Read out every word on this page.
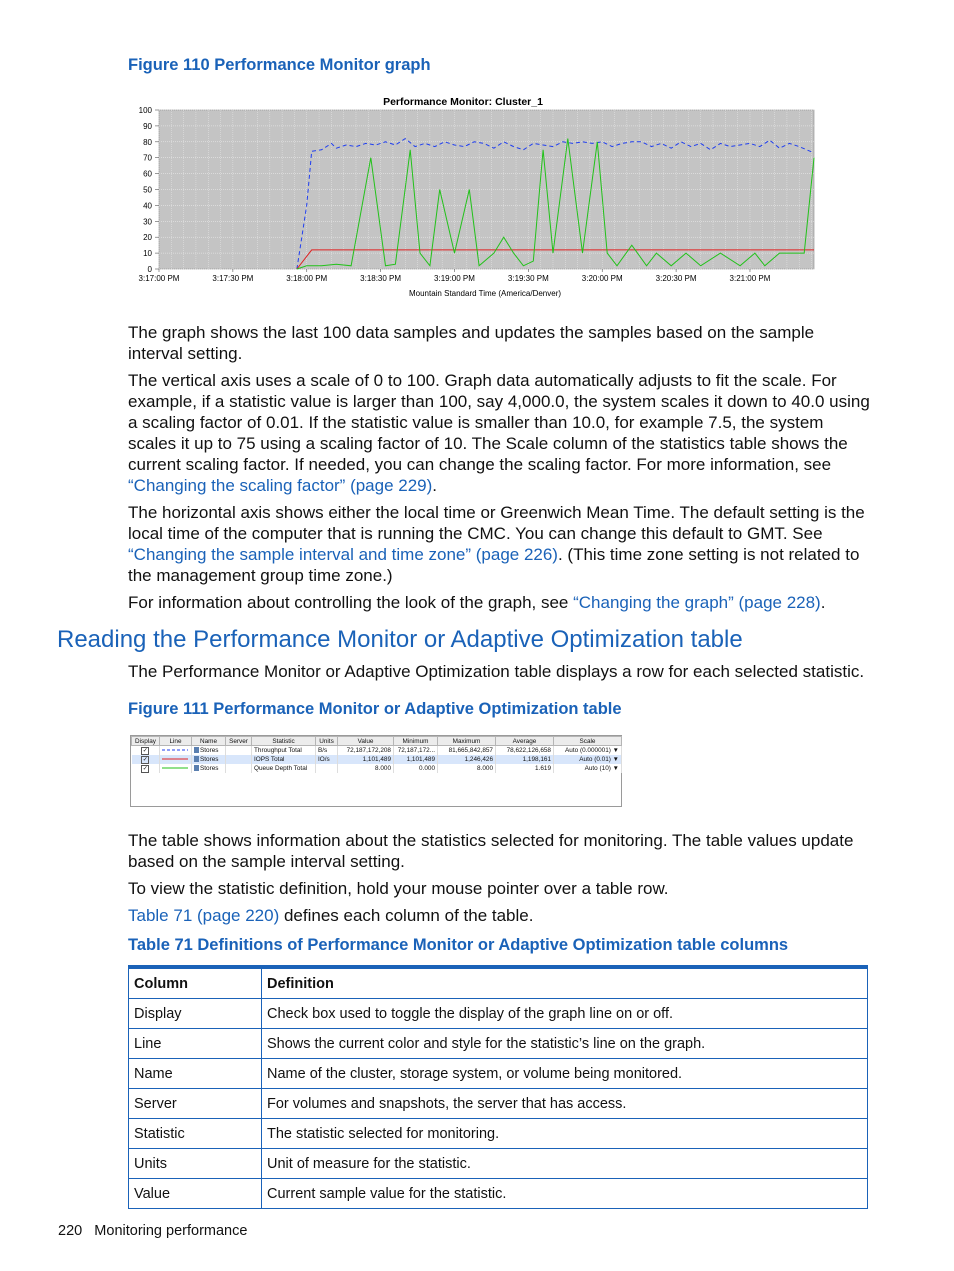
Figure 110 Performance Monitor graph
Performance Monitor: Cluster_1
0
10
20
30
40
50
60
70
80
90
100
3:17:00 PM	3:17:30 PM	3:18:00 PM	3:18:30 PM	3:19:00 PM	3:19:30 PM	3:20:00 PM	3:20:30 PM	3:21:00 PM
Mountain Standard Time (America/Denver)

The graph shows the last 100 data samples and updates the samples based on the sample interval setting.

The vertical axis uses a scale of 0 to 100. Graph data automatically adjusts to fit the scale. For example, if a statistic value is larger than 100, say 4,000.0, the system scales it down to 40.0 using a scaling factor of 0.01. If the statistic value is smaller than 10.0, for example 7.5, the system scales it up to 75 using a scaling factor of 10. The Scale column of the statistics table shows the current scaling factor. If needed, you can change the scaling factor. For more information, see “Changing the scaling factor” (page 229).

The horizontal axis shows either the local time or Greenwich Mean Time. The default setting is the local time of the computer that is running the CMC. You can change this default to GMT. See “Changing the sample interval and time zone” (page 226). (This time zone setting is not related to the management group time zone.)

For information about controlling the look of the graph, see “Changing the graph” (page 228).

Reading the Performance Monitor or Adaptive Optimization table
The Performance Monitor or Adaptive Optimization table displays a row for each selected statistic.
Figure 111 Performance Monitor or Adaptive Optimization table
Display	Line	Name	Server	Statistic	Units	Value	Minimum	Maximum	Average	Scale
✓		Stores		Throughput Total	B/s	72,187,172,208	72,187,172...	81,665,842,857	78,622,126,658	Auto (0.000001) ▼
✓		Stores		IOPS Total	IO/s	1,101,489	1,101,489	1,246,426	1,198,161	Auto (0.01) ▼
✓		Stores		Queue Depth Total		8.000	0.000	8.000	1.619	Auto (10) ▼

The table shows information about the statistics selected for monitoring. The table values update based on the sample interval setting.

To view the statistic definition, hold your mouse pointer over a table row.

Table 71 (page 220) defines each column of the table.

Table 71 Definitions of Performance Monitor or Adaptive Optimization table columns
Column	Definition
Display	Check box used to toggle the display of the graph line on or off.
Line	Shows the current color and style for the statistic’s line on the graph.
Name	Name of the cluster, storage system, or volume being monitored.
Server	For volumes and snapshots, the server that has access.
Statistic	The statistic selected for monitoring.
Units	Unit of measure for the statistic.
Value	Current sample value for the statistic.
220 Monitoring performance
